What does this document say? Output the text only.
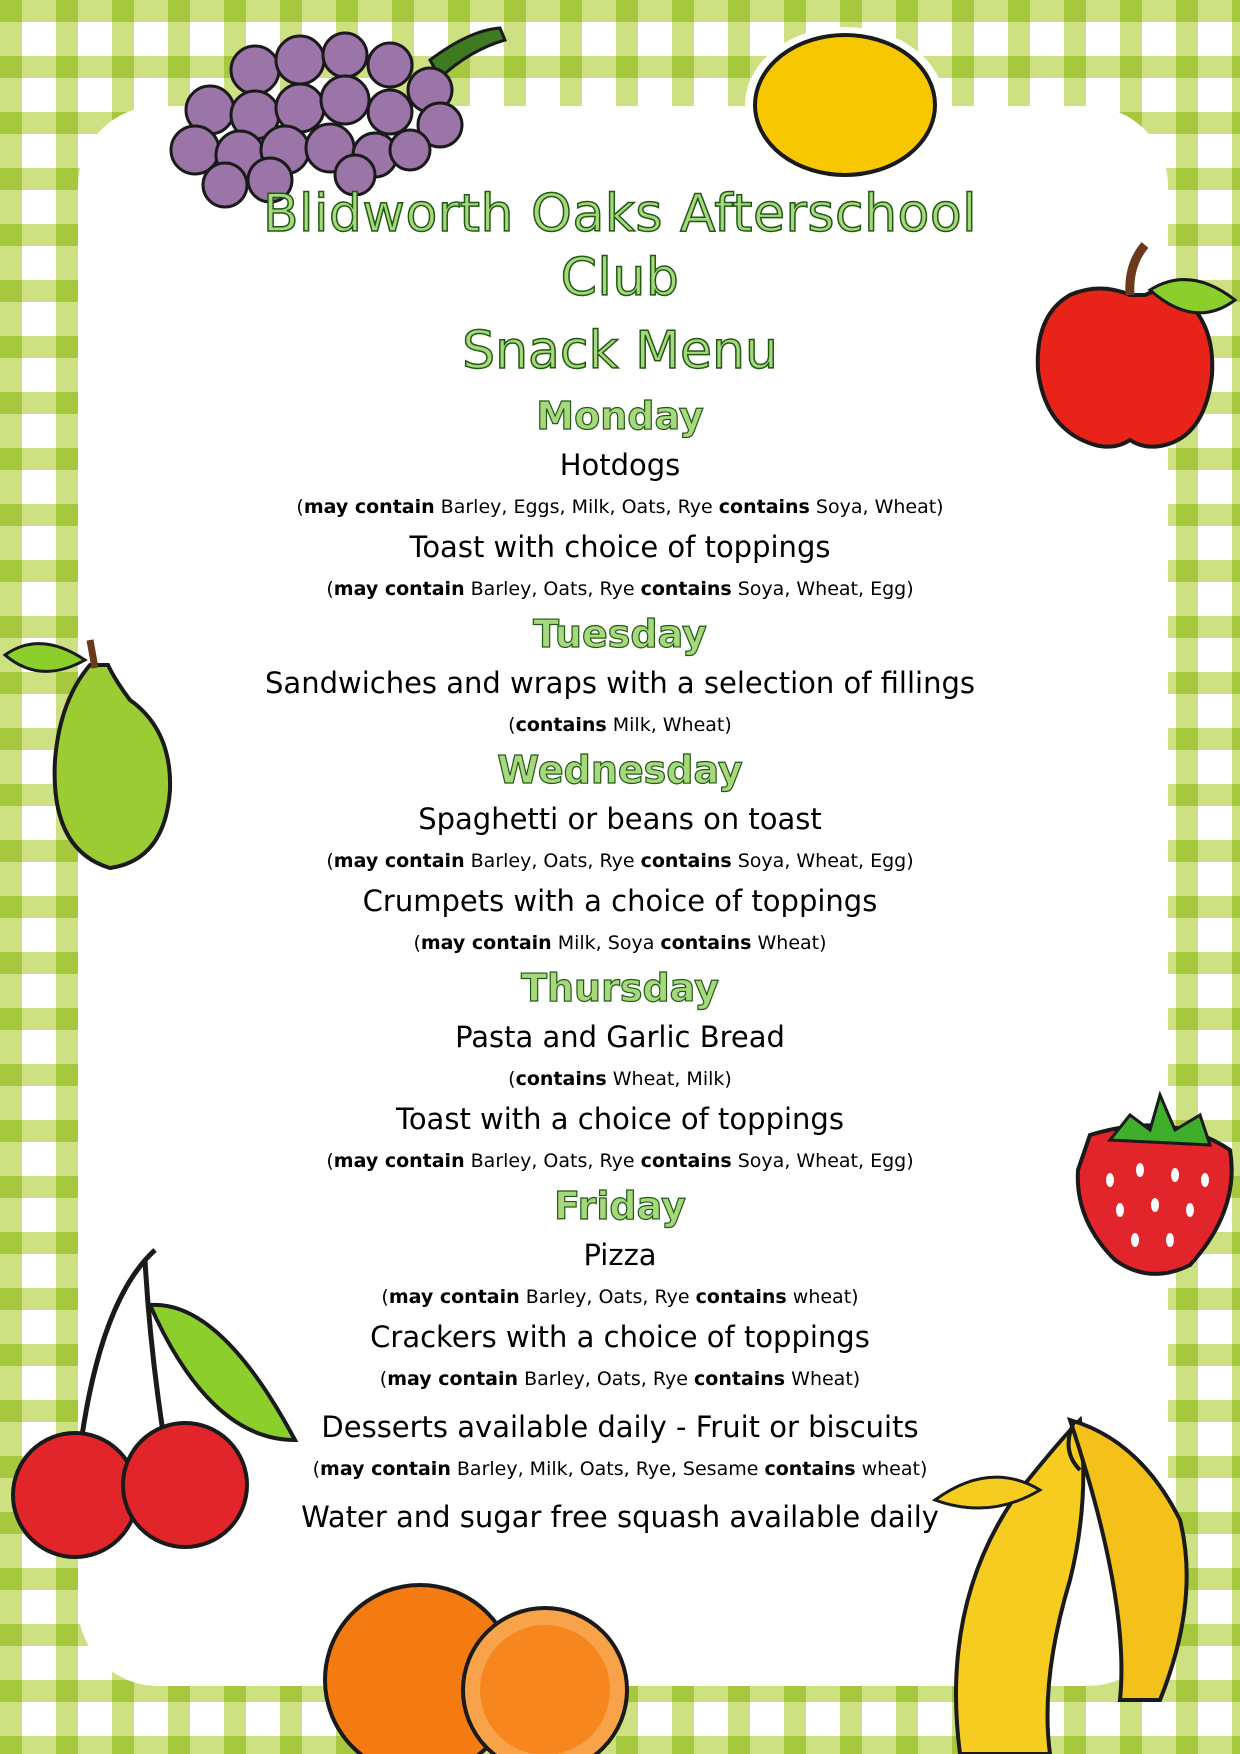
Blidworth Oaks Afterschool Club
Snack Menu
Monday
Hotdogs
(may contain Barley, Eggs, Milk, Oats, Rye contains Soya, Wheat)
Toast with choice of toppings
(may contain Barley, Oats, Rye contains Soya, Wheat, Egg)
Tuesday
Sandwiches and wraps with a selection of fillings
(contains Milk, Wheat)
Wednesday
Spaghetti or beans on toast
(may contain Barley, Oats, Rye contains Soya, Wheat, Egg)
Crumpets with a choice of toppings
(may contain Milk, Soya contains Wheat)
Thursday
Pasta and Garlic Bread
(contains Wheat, Milk)
Toast with a choice of toppings
(may contain Barley, Oats, Rye contains Soya, Wheat, Egg)
Friday
Pizza
(may contain Barley, Oats, Rye contains wheat)
Crackers with a choice of toppings
(may contain Barley, Oats, Rye contains Wheat)
Desserts available daily - Fruit or biscuits
(may contain Barley, Milk, Oats, Rye, Sesame contains wheat)
Water and sugar free squash available daily
